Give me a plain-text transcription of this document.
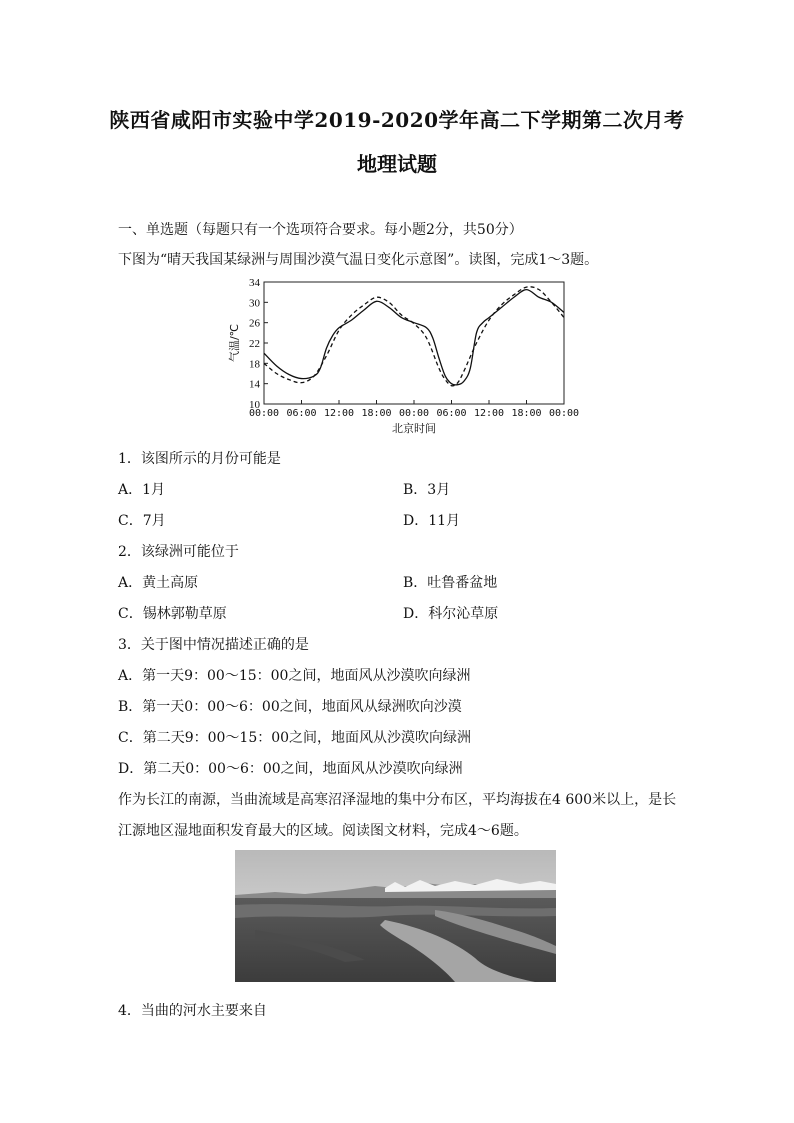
陕西省咸阳市实验中学2019-2020学年高二下学期第二次月考
地理试题
一、单选题（每题只有一个选项符合要求。每小题2分，共50分）
下图为“晴天我国某绿洲与周围沙漠气温日变化示意图”。读图，完成1～3题。
10
14
18
22
26
30
34
00:00 06:00 12:00 18:00 00:00 06:00 12:00 18:00 00:00
北京时间
气温/℃
1．该图所示的月份可能是
A．1月	B．3月
C．7月	D．11月
2．该绿洲可能位于
A．黄土高原	B．吐鲁番盆地
C．锡林郭勒草原	D．科尔沁草原
3．关于图中情况描述正确的是
A．第一天9：00～15：00之间，地面风从沙漠吹向绿洲
B．第一天0：00～6：00之间，地面风从绿洲吹向沙漠
C．第二天9：00～15：00之间，地面风从沙漠吹向绿洲
D．第二天0：00～6：00之间，地面风从沙漠吹向绿洲
作为长江的南源，当曲流域是高寒沼泽湿地的集中分布区，平均海拔在4 600米以上，是长
江源地区湿地面积发育最大的区域。阅读图文材料，完成4～6题。
4．当曲的河水主要来自
